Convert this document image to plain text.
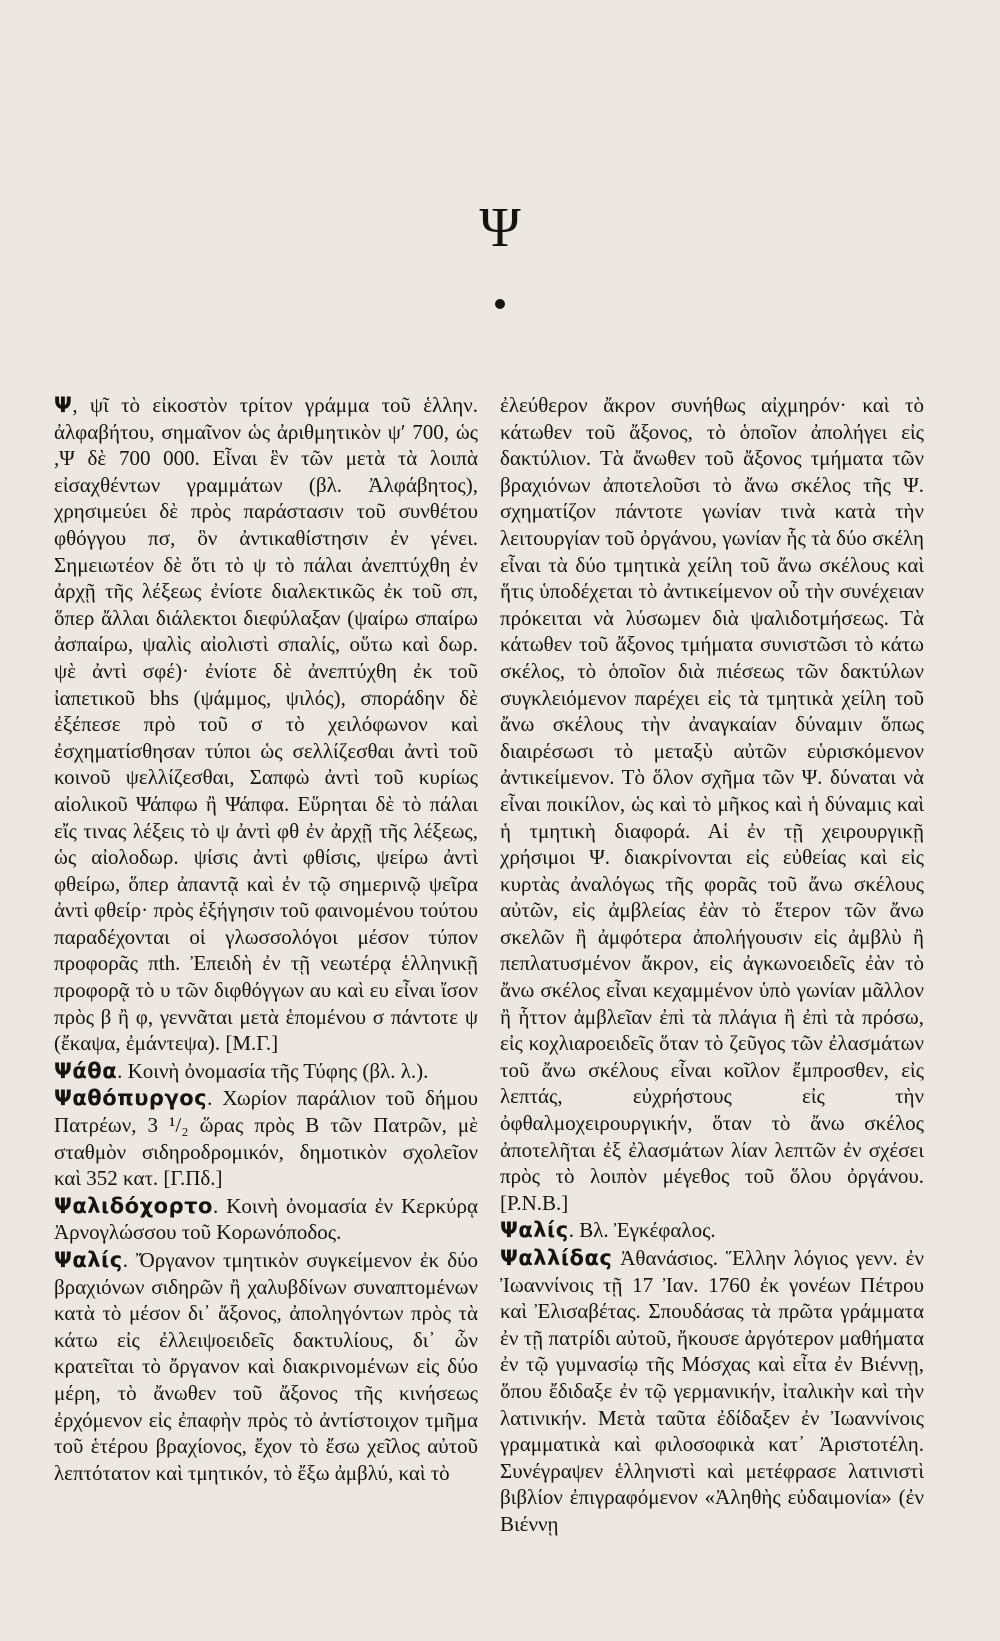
Ψ

Ψ, ψῖ τὸ εἰκοστὸν τρίτον γράμμα τοῦ ἑλλην. ἀλφαβήτου, σημαῖνον ὡς ἀριθμητικὸν ψ′ 700, ὡς ,Ψ δὲ 700 000. Εἶναι ἓν τῶν μετὰ τὰ λοιπὰ εἰσαχθέντων γραμμάτων (βλ. Ἀλφάβητος), χρησιμεύει δὲ πρὸς παράστασιν τοῦ συνθέτου φθόγγου πσ, ὃν ἀντικαθίστησιν ἐν γένει. Σημειωτέον δὲ ὅτι τὸ ψ τὸ πάλαι ἀνεπτύχθη ἐν ἀρχῇ τῆς λέξεως ἐνίοτε διαλεκτικῶς ἐκ τοῦ σπ, ὅπερ ἄλλαι διάλεκτοι διεφύλαξαν (ψαίρω σπαίρω ἀσπαίρω, ψαλὶς αἰολιστὶ σπαλίς, οὕτω καὶ δωρ. ψὲ ἀντὶ σφέ)· ἐνίοτε δὲ ἀνεπτύχθη ἐκ τοῦ ἰαπετικοῦ bhs (ψάμμος, ψιλός), σποράδην δὲ ἐξέπεσε πρὸ τοῦ σ τὸ χειλόφωνον καὶ ἐσχηματίσθησαν τύποι ὡς σελλίζεσθαι ἀντὶ τοῦ κοινοῦ ψελλίζεσθαι, Σαπφὼ ἀντὶ τοῦ κυρίως αἰολικοῦ Ψάπφω ἢ Ψάπφα. Εὕρηται δὲ τὸ πάλαι εἴς τινας λέξεις τὸ ψ ἀντὶ φθ ἐν ἀρχῇ τῆς λέξεως, ὡς αἰολοδωρ. ψίσις ἀντὶ φθίσις, ψείρω ἀντὶ φθείρω, ὅπερ ἀπαντᾷ καὶ ἐν τῷ σημερινῷ ψεῖρα ἀντὶ φθείρ· πρὸς ἐξήγησιν τοῦ φαινομένου τούτου παραδέχονται οἱ γλωσσολόγοι μέσον τύπον προφορᾶς πth. Ἐπειδὴ ἐν τῇ νεωτέρᾳ ἑλληνικῇ προφορᾷ τὸ υ τῶν διφθόγγων αυ καὶ ευ εἶναι ἴσον πρὸς β ἢ φ, γεννᾶται μετὰ ἑπομένου σ πάντοτε ψ (ἔκαψα, ἐμάντεψα). [Μ.Γ.]

Ψάθα. Κοινὴ ὀνομασία τῆς Τύφης (βλ. λ.).

Ψαθόπυργος. Χωρίον παράλιον τοῦ δήμου Πατρέων, 3 ¹/₂ ὥρας πρὸς Β τῶν Πατρῶν, μὲ σταθμὸν σιδηροδρομικόν, δημοτικὸν σχολεῖον καὶ 352 κατ. [Γ.Πδ.]

Ψαλιδόχορτο. Κοινὴ ὀνομασία ἐν Κερκύρᾳ Ἀρνογλώσσου τοῦ Κορωνόποδος.

Ψαλίς. Ὄργανον τμητικὸν συγκείμενον ἐκ δύο βραχιόνων σιδηρῶν ἢ χαλυβδίνων συναπτομένων κατὰ τὸ μέσον δι᾿ ἄξονος, ἀποληγόντων πρὸς τὰ κάτω εἰς ἐλλειψοειδεῖς δακτυλίους, δι᾿ ὧν κρατεῖται τὸ ὄργανον καὶ διακρινομένων εἰς δύο μέρη, τὸ ἄνωθεν τοῦ ἄξονος τῆς κινήσεως ἐρχόμενον εἰς ἐπαφὴν πρὸς τὸ ἀντίστοιχον τμῆμα τοῦ ἑτέρου βραχίονος, ἔχον τὸ ἔσω χεῖλος αὐτοῦ λεπτότατον καὶ τμητικόν, τὸ ἔξω ἀμβλύ, καὶ τὸ

ἐλεύθερον ἄκρον συνήθως αἰχμηρόν· καὶ τὸ κάτωθεν τοῦ ἄξονος, τὸ ὁποῖον ἀπολήγει εἰς δακτύλιον. Τὰ ἄνωθεν τοῦ ἄξονος τμήματα τῶν βραχιόνων ἀποτελοῦσι τὸ ἄνω σκέλος τῆς Ψ. σχηματίζον πάντοτε γωνίαν τινὰ κατὰ τὴν λειτουργίαν τοῦ ὀργάνου, γωνίαν ἧς τὰ δύο σκέλη εἶναι τὰ δύο τμητικὰ χείλη τοῦ ἄνω σκέλους καὶ ἥτις ὑποδέχεται τὸ ἀντικείμενον οὗ τὴν συνέχειαν πρόκειται νὰ λύσωμεν διὰ ψαλιδοτμήσεως. Τὰ κάτωθεν τοῦ ἄξονος τμήματα συνιστῶσι τὸ κάτω σκέλος, τὸ ὁποῖον διὰ πιέσεως τῶν δακτύλων συγκλειόμενον παρέχει εἰς τὰ τμητικὰ χείλη τοῦ ἄνω σκέλους τὴν ἀναγκαίαν δύναμιν ὅπως διαιρέσωσι τὸ μεταξὺ αὐτῶν εὑρισκόμενον ἀντικείμενον. Τὸ ὅλον σχῆμα τῶν Ψ. δύναται νὰ εἶναι ποικίλον, ὡς καὶ τὸ μῆκος καὶ ἡ δύναμις καὶ ἡ τμητικὴ διαφορά. Αἱ ἐν τῇ χειρουργικῇ χρήσιμοι Ψ. διακρίνονται εἰς εὐθείας καὶ εἰς κυρτὰς ἀναλόγως τῆς φορᾶς τοῦ ἄνω σκέλους αὐτῶν, εἰς ἀμβλείας ἐὰν τὸ ἕτερον τῶν ἄνω σκελῶν ἢ ἀμφότερα ἀπολήγουσιν εἰς ἀμβλὺ ἢ πεπλατυσμένον ἄκρον, εἰς ἀγκωνοειδεῖς ἐὰν τὸ ἄνω σκέλος εἶναι κεχαμμένον ὑπὸ γωνίαν μᾶλλον ἢ ἧττον ἀμβλεῖαν ἐπὶ τὰ πλάγια ἢ ἐπὶ τὰ πρόσω, εἰς κοχλιαροειδεῖς ὅταν τὸ ζεῦγος τῶν ἐλασμάτων τοῦ ἄνω σκέλους εἶναι κοῖλον ἔμπροσθεν, εἰς λεπτάς, εὐχρήστους εἰς τὴν ὀφθαλμοχειρουργικήν, ὅταν τὸ ἄνω σκέλος ἀποτελῆται ἐξ ἐλασμάτων λίαν λεπτῶν ἐν σχέσει πρὸς τὸ λοιπὸν μέγεθος τοῦ ὅλου ὀργάνου. [Ρ.Ν.Β.]

Ψαλίς. Βλ. Ἐγκέφαλος.

Ψαλλίδας Ἀθανάσιος. Ἕλλην λόγιος γενν. ἐν Ἰωαννίνοις τῇ 17 Ἰαν. 1760 ἐκ γονέων Πέτρου καὶ Ἐλισαβέτας. Σπουδάσας τὰ πρῶτα γράμματα ἐν τῇ πατρίδι αὐτοῦ, ἤκουσε ἀργότερον μαθήματα ἐν τῷ γυμνασίῳ τῆς Μόσχας καὶ εἶτα ἐν Βιέννῃ, ὅπου ἔδιδαξε ἐν τῷ γερμανικήν, ἰταλικὴν καὶ τὴν λατινικήν. Μετὰ ταῦτα ἐδίδαξεν ἐν Ἰωαννίνοις γραμματικὰ καὶ φιλοσοφικὰ κατ᾿ Ἀριστοτέλη. Συνέγραψεν ἑλληνιστὶ καὶ μετέφρασε λατινιστὶ βιβλίον ἐπιγραφόμενον «Ἀληθὴς εὐδαιμονία» (ἐν Βιέννῃ
